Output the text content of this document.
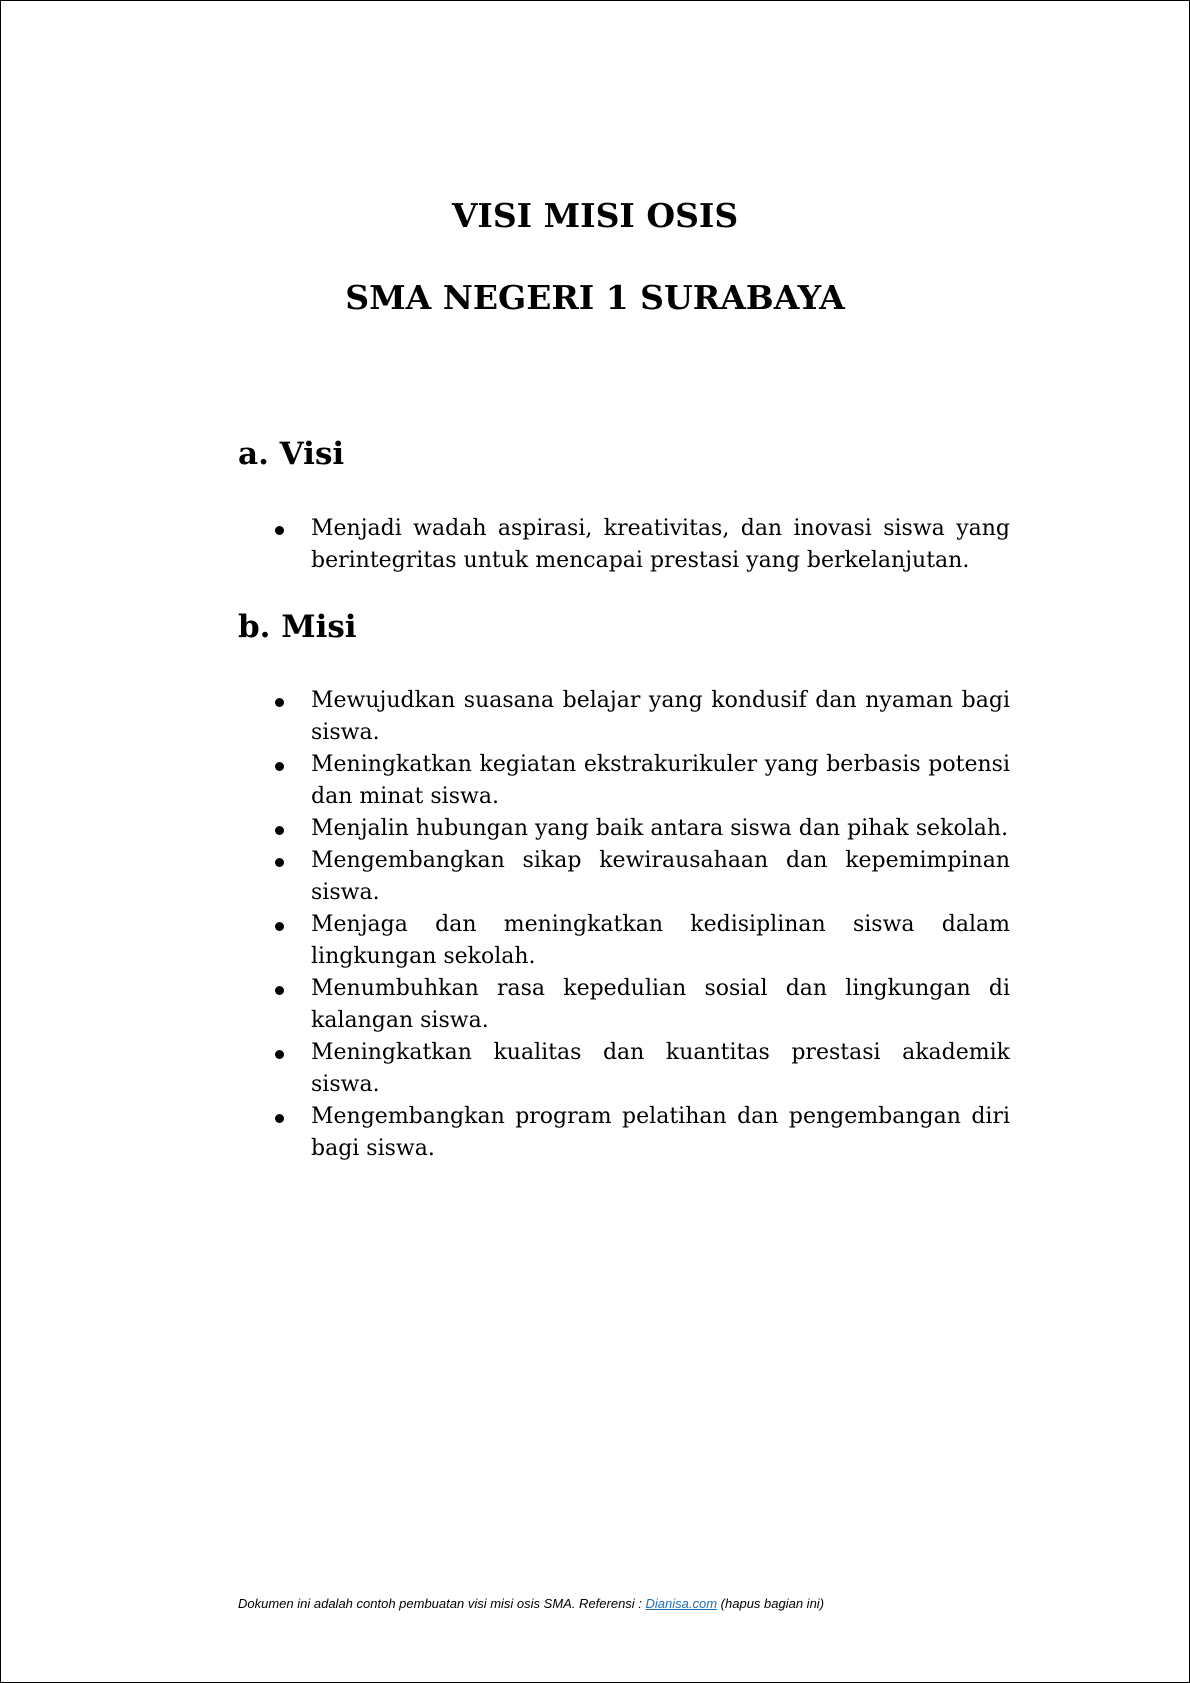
VISI MISI OSIS
SMA NEGERI 1 SURABAYA
a. Visi
Menjadi wadah aspirasi, kreativitas, dan inovasi siswa yang berintegritas untuk mencapai prestasi yang berkelanjutan.
b. Misi
Mewujudkan suasana belajar yang kondusif dan nyaman bagi siswa.
Meningkatkan kegiatan ekstrakurikuler yang berbasis potensi dan minat siswa.
Menjalin hubungan yang baik antara siswa dan pihak sekolah.
Mengembangkan sikap kewirausahaan dan kepemimpinan siswa.
Menjaga dan meningkatkan kedisiplinan siswa dalam lingkungan sekolah.
Menumbuhkan rasa kepedulian sosial dan lingkungan di kalangan siswa.
Meningkatkan kualitas dan kuantitas prestasi akademik siswa.
Mengembangkan program pelatihan dan pengembangan diri bagi siswa.
Dokumen ini adalah contoh pembuatan visi misi osis SMA. Referensi : Dianisa.com (hapus bagian ini)
